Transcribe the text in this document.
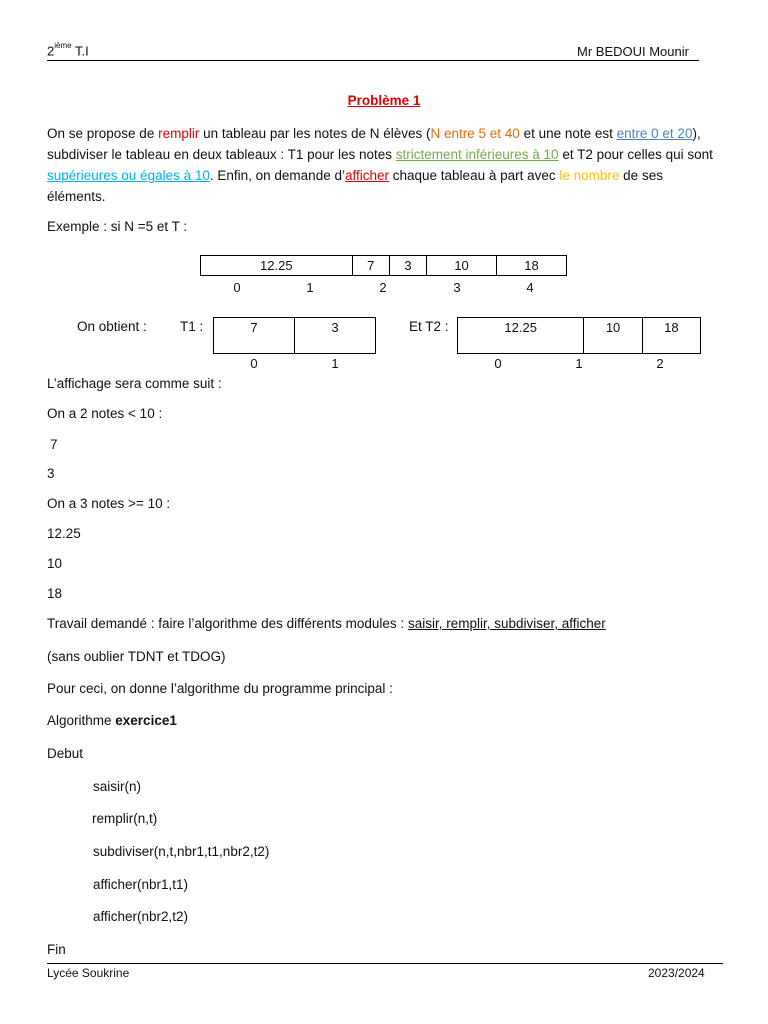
2ième T.I	Mr BEDOUI Mounir
Problème 1
On se propose de remplir un tableau par les notes de N élèves (N entre 5 et 40 et une note est entre 0 et 20), subdiviser le tableau en deux tableaux : T1 pour les notes strictement inférieures à 10 et T2 pour celles qui sont supérieures ou égales à 10. Enfin, on demande d’afficher chaque tableau à part avec le nombre de ses éléments.
Exemple : si N =5 et T :
12.25	7	3	10	18
0	1	2	3	4
On obtient : T1 :	7	3
0	1
Et T2 :	12.25	10	18
0	1	2
L’affichage sera comme suit :
On a 2 notes < 10 :
7
3
On a 3 notes >= 10 :
12.25
10
18
Travail demandé : faire l’algorithme des différents modules : saisir, remplir, subdiviser, afficher
(sans oublier TDNT et TDOG)
Pour ceci, on donne l’algorithme du programme principal :
Algorithme exercice1
Debut
saisir(n)
remplir(n,t)
subdiviser(n,t,nbr1,t1,nbr2,t2)
afficher(nbr1,t1)
afficher(nbr2,t2)
Fin
Lycée Soukrine	2023/2024
